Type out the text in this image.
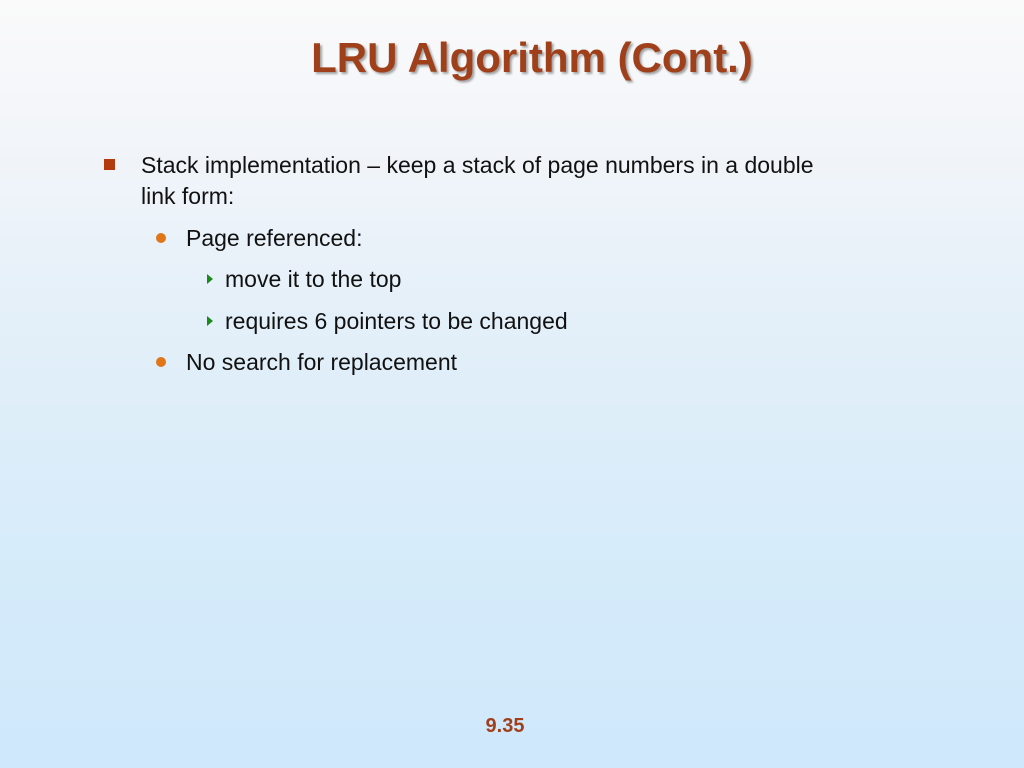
LRU Algorithm (Cont.)
Stack implementation – keep a stack of page numbers in a double
link form:
Page referenced:
move it to the top
requires 6 pointers to be changed
No search for replacement
9.35
